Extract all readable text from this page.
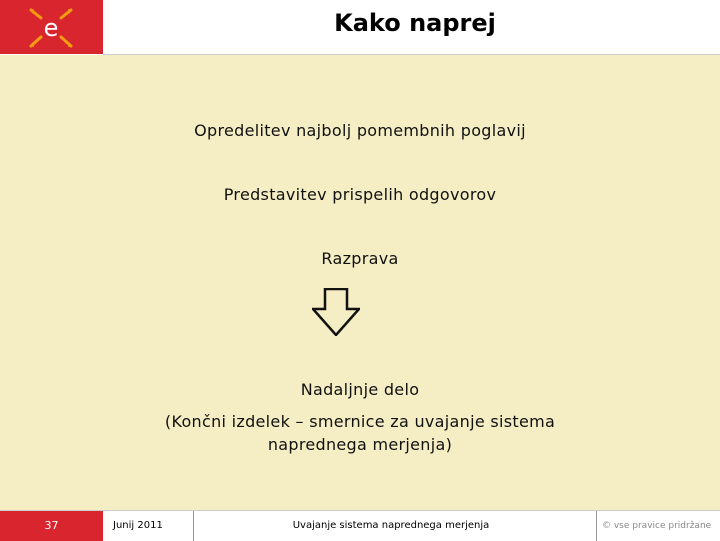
e	Kako naprej
Opredelitev najbolj pomembnih poglavij
Predstavitev prispelih odgovorov
Razprava
Nadaljnje delo
(Končni izdelek – smernice za uvajanje sistema
naprednega merjenja)
37	Junij 2011	Uvajanje sistema naprednega merjenja	© vse pravice pridržane
